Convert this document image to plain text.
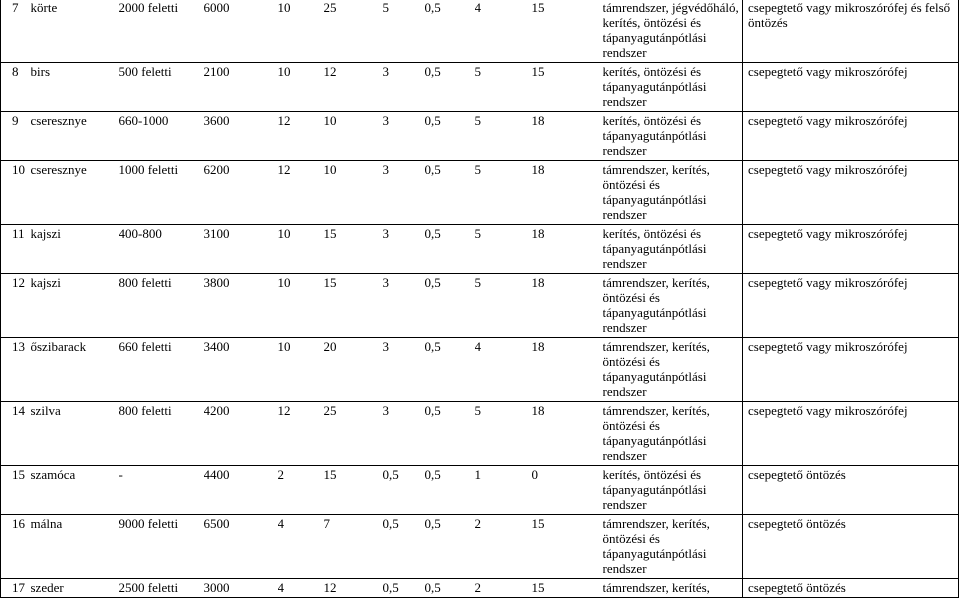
7	körte	2000 feletti	6000	10	25	5	0,5	4	15	támrendszer, jégvédőháló, kerítés, öntözési és tápanyagutánpótlási rendszer	csepegtető vagy mikroszórófej és felső öntözés
8	birs	500 feletti	2100	10	12	3	0,5	5	15	kerítés, öntözési és tápanyagutánpótlási rendszer	csepegtető vagy mikroszórófej
9	cseresznye	660-1000	3600	12	10	3	0,5	5	18	kerítés, öntözési és tápanyagutánpótlási rendszer	csepegtető vagy mikroszórófej
10	cseresznye	1000 feletti	6200	12	10	3	0,5	5	18	támrendszer, kerítés, öntözési és tápanyagutánpótlási rendszer	csepegtető vagy mikroszórófej
11	kajszi	400-800	3100	10	15	3	0,5	5	18	kerítés, öntözési és tápanyagutánpótlási rendszer	csepegtető vagy mikroszórófej
12	kajszi	800 feletti	3800	10	15	3	0,5	5	18	támrendszer, kerítés, öntözési és tápanyagutánpótlási rendszer	csepegtető vagy mikroszórófej
13	őszibarack	660 feletti	3400	10	20	3	0,5	4	18	támrendszer, kerítés, öntözési és tápanyagutánpótlási rendszer	csepegtető vagy mikroszórófej
14	szilva	800 feletti	4200	12	25	3	0,5	5	18	támrendszer, kerítés, öntözési és tápanyagutánpótlási rendszer	csepegtető vagy mikroszórófej
15	szamóca	-	4400	2	15	0,5	0,5	1	0	kerítés, öntözési és tápanyagutánpótlási rendszer	csepegtető öntözés
16	málna	9000 feletti	6500	4	7	0,5	0,5	2	15	támrendszer, kerítés, öntözési és tápanyagutánpótlási rendszer	csepegtető öntözés
17	szeder	2500 feletti	3000	4	12	0,5	0,5	2	15	támrendszer, kerítés,	csepegtető öntözés
